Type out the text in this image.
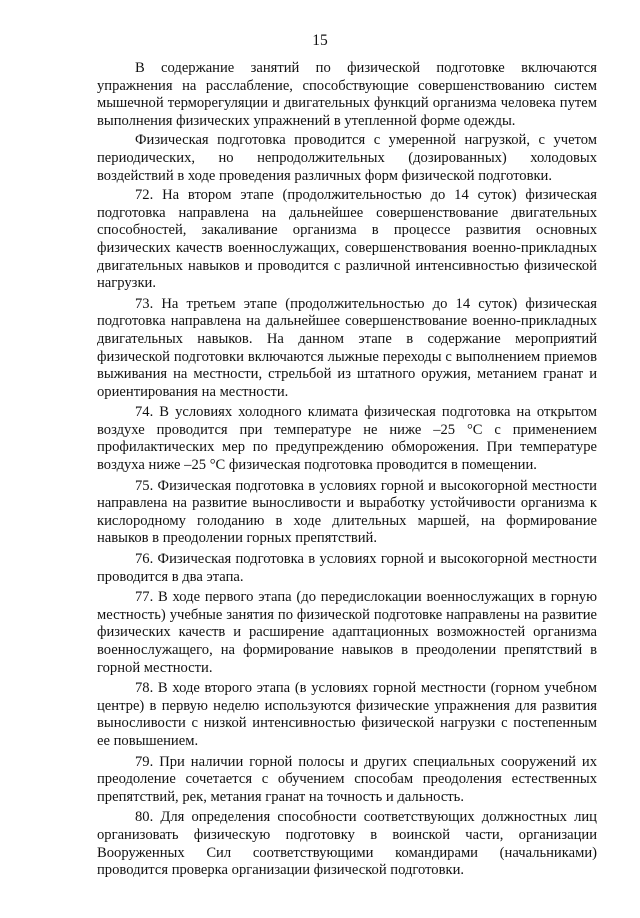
15

В содержание занятий по физической подготовке включаются упражнения на расслабление, способствующие совершенствованию систем мышечной терморегуляции и двигательных функций организма человека путем выполнения физических упражнений в утепленной форме одежды.

Физическая подготовка проводится с умеренной нагрузкой, с учетом периодических, но непродолжительных (дозированных) холодовых воздействий в ходе проведения различных форм физической подготовки.

72. На втором этапе (продолжительностью до 14 суток) физическая подготовка направлена на дальнейшее совершенствование двигательных способностей, закаливание организма в процессе развития основных физических качеств военнослужащих, совершенствования военно-прикладных двигательных навыков и проводится с различной интенсивностью физической нагрузки.

73. На третьем этапе (продолжительностью до 14 суток) физическая подготовка направлена на дальнейшее совершенствование военно-прикладных двигательных навыков. На данном этапе в содержание мероприятий физической подготовки включаются лыжные переходы с выполнением приемов выживания на местности, стрельбой из штатного оружия, метанием гранат и ориентирования на местности.

74. В условиях холодного климата физическая подготовка на открытом воздухе проводится при температуре не ниже –25 °С с применением профилактических мер по предупреждению обморожения. При температуре воздуха ниже –25 °С физическая подготовка проводится в помещении.

75. Физическая подготовка в условиях горной и высокогорной местности направлена на развитие выносливости и выработку устойчивости организма к кислородному голоданию в ходе длительных маршей, на формирование навыков в преодолении горных препятствий.

76. Физическая подготовка в условиях горной и высокогорной местности проводится в два этапа.

77. В ходе первого этапа (до передислокации военнослужащих в горную местность) учебные занятия по физической подготовке направлены на развитие физических качеств и расширение адаптационных возможностей организма военнослужащего, на формирование навыков в преодолении препятствий в горной местности.

78. В ходе второго этапа (в условиях горной местности (горном учебном центре) в первую неделю используются физические упражнения для развития выносливости с низкой интенсивностью физической нагрузки с постепенным ее повышением.

79. При наличии горной полосы и других специальных сооружений их преодоление сочетается с обучением способам преодоления естественных препятствий, рек, метания гранат на точность и дальность.

80. Для определения способности соответствующих должностных лиц организовать физическую подготовку в воинской части, организации Вооруженных Сил соответствующими командирами (начальниками) проводится проверка организации физической подготовки.
